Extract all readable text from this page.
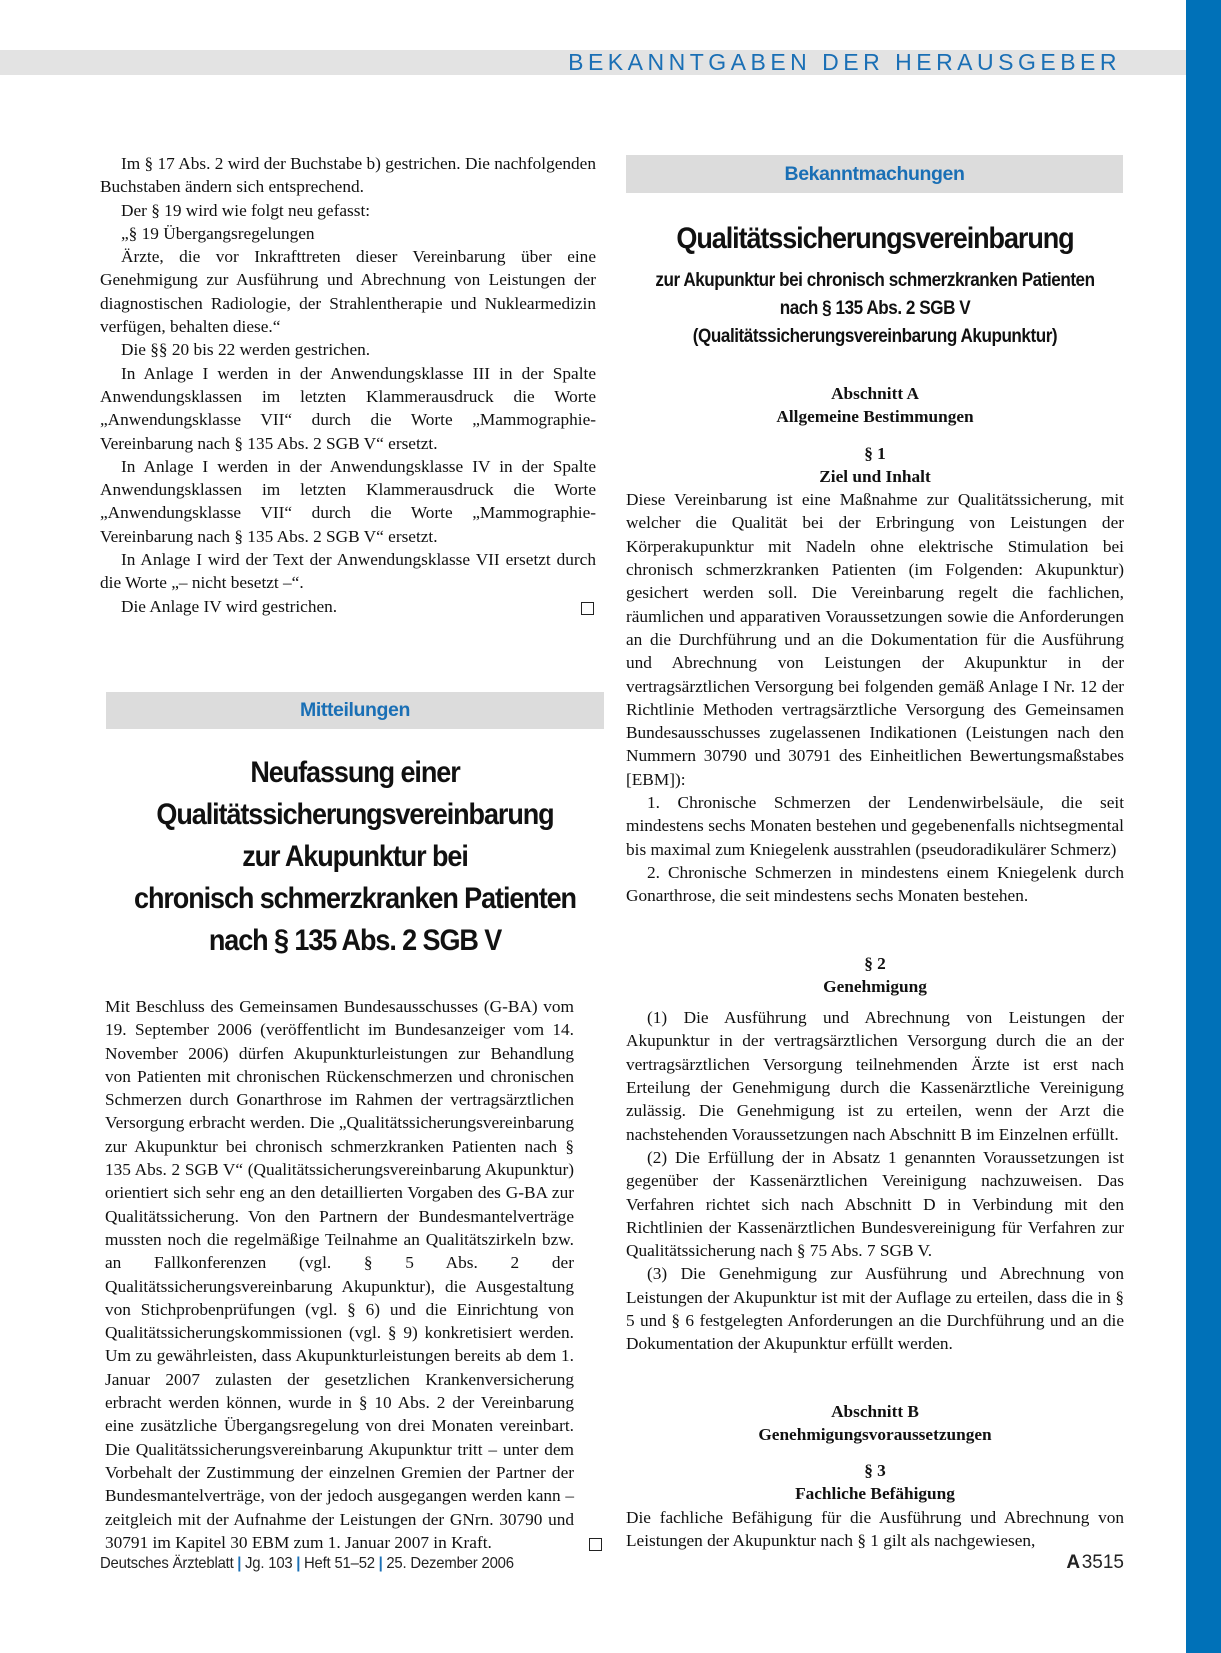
BEKANNTGABEN DER HERAUSGEBER

Im § 17 Abs. 2 wird der Buchstabe b) gestrichen. Die nachfolgenden Buchstaben ändern sich entsprechend.

Der § 19 wird wie folgt neu gefasst:

„§ 19 Übergangsregelungen

Ärzte, die vor Inkrafttreten dieser Vereinbarung über eine Genehmigung zur Ausführung und Abrechnung von Leistungen der diagnostischen Radiologie, der Strahlentherapie und Nuklearmedizin verfügen, behalten diese.“

Die §§ 20 bis 22 werden gestrichen.

In Anlage I werden in der Anwendungsklasse III in der Spalte Anwendungsklassen im letzten Klammerausdruck die Worte „Anwendungsklasse VII“ durch die Worte „Mammographie-Vereinbarung nach § 135 Abs. 2 SGB V“ ersetzt.

In Anlage I werden in der Anwendungsklasse IV in der Spalte Anwendungsklassen im letzten Klammerausdruck die Worte „Anwendungsklasse VII“ durch die Worte „Mammographie-Vereinbarung nach § 135 Abs. 2 SGB V“ ersetzt.

In Anlage I wird der Text der Anwendungsklasse VII ersetzt durch die Worte „– nicht besetzt –“.

Die Anlage IV wird gestrichen.

Mitteilungen
Neufassung einer
Qualitätssicherungsvereinbarung
zur Akupunktur bei
chronisch schmerzkranken Patienten
nach § 135 Abs. 2 SGB V

Mit Beschluss des Gemeinsamen Bundesausschusses (G-BA) vom 19. September 2006 (veröffentlicht im Bundesanzeiger vom 14. November 2006) dürfen Akupunkturleistungen zur Behandlung von Patienten mit chronischen Rückenschmerzen und chronischen Schmerzen durch Gonarthrose im Rahmen der vertragsärztlichen Versorgung erbracht werden. Die „Qualitätssicherungsvereinbarung zur Akupunktur bei chronisch schmerzkranken Patienten nach § 135 Abs. 2 SGB V“ (Qualitätssicherungsvereinbarung Akupunktur) orientiert sich sehr eng an den detaillierten Vorgaben des G-BA zur Qualitätssicherung. Von den Partnern der Bundesmantelverträge mussten noch die regelmäßige Teilnahme an Qualitätszirkeln bzw. an Fallkonferenzen (vgl. § 5 Abs. 2 der Qualitätssicherungsvereinbarung Akupunktur), die Ausgestaltung von Stichprobenprüfungen (vgl. § 6) und die Einrichtung von Qualitätssicherungskommissionen (vgl. § 9) konkretisiert werden. Um zu gewährleisten, dass Akupunkturleistungen bereits ab dem 1. Januar 2007 zulasten der gesetzlichen Krankenversicherung erbracht werden können, wurde in § 10 Abs. 2 der Vereinbarung eine zusätzliche Übergangsregelung von drei Monaten vereinbart. Die Qualitätssicherungsvereinbarung Akupunktur tritt – unter dem Vorbehalt der Zustimmung der einzelnen Gremien der Partner der Bundesmantelverträge, von der jedoch ausgegangen werden kann – zeitgleich mit der Aufnahme der Leistungen der GNrn. 30790 und 30791 im Kapitel 30 EBM zum 1. Januar 2007 in Kraft.

Bekanntmachungen
Qualitätssicherungsvereinbarung
zur Akupunktur bei chronisch schmerzkranken Patienten
nach § 135 Abs. 2 SGB V
(Qualitätssicherungsvereinbarung Akupunktur)

Abschnitt A

Allgemeine Bestimmungen

§ 1

Ziel und Inhalt

Diese Vereinbarung ist eine Maßnahme zur Qualitätssicherung, mit welcher die Qualität bei der Erbringung von Leistungen der Körperakupunktur mit Nadeln ohne elektrische Stimulation bei chronisch schmerzkranken Patienten (im Folgenden: Akupunktur) gesichert werden soll. Die Vereinbarung regelt die fachlichen, räumlichen und apparativen Voraussetzungen sowie die Anforderungen an die Durchführung und an die Dokumentation für die Ausführung und Abrechnung von Leistungen der Akupunktur in der vertragsärztlichen Versorgung bei folgenden gemäß Anlage I Nr. 12 der Richtlinie Methoden vertragsärztliche Versorgung des Gemeinsamen Bundesausschusses zugelassenen Indikationen (Leistungen nach den Nummern 30790 und 30791 des Einheitlichen Bewertungsmaßstabes [EBM]):

1. Chronische Schmerzen der Lendenwirbelsäule, die seit mindestens sechs Monaten bestehen und gegebenenfalls nichtsegmental bis maximal zum Kniegelenk ausstrahlen (pseudoradikulärer Schmerz)

2. Chronische Schmerzen in mindestens einem Kniegelenk durch Gonarthrose, die seit mindestens sechs Monaten bestehen.

§ 2

Genehmigung

(1) Die Ausführung und Abrechnung von Leistungen der Akupunktur in der vertragsärztlichen Versorgung durch die an der vertragsärztlichen Versorgung teilnehmenden Ärzte ist erst nach Erteilung der Genehmigung durch die Kassenärztliche Vereinigung zulässig. Die Genehmigung ist zu erteilen, wenn der Arzt die nachstehenden Voraussetzungen nach Abschnitt B im Einzelnen erfüllt.

(2) Die Erfüllung der in Absatz 1 genannten Voraussetzungen ist gegenüber der Kassenärztlichen Vereinigung nachzuweisen. Das Verfahren richtet sich nach Abschnitt D in Verbindung mit den Richtlinien der Kassenärztlichen Bundesvereinigung für Verfahren zur Qualitätssicherung nach § 75 Abs. 7 SGB V.

(3) Die Genehmigung zur Ausführung und Abrechnung von Leistungen der Akupunktur ist mit der Auflage zu erteilen, dass die in § 5 und § 6 festgelegten Anforderungen an die Durchführung und an die Dokumentation der Akupunktur erfüllt werden.

Abschnitt B

Genehmigungsvoraussetzungen

§ 3

Fachliche Befähigung

Die fachliche Befähigung für die Ausführung und Abrechnung von Leistungen der Akupunktur nach § 1 gilt als nachgewiesen,

Deutsches Ärzteblatt | Jg. 103 | Heft 51–52 | 25. Dezember 2006	A 3515
